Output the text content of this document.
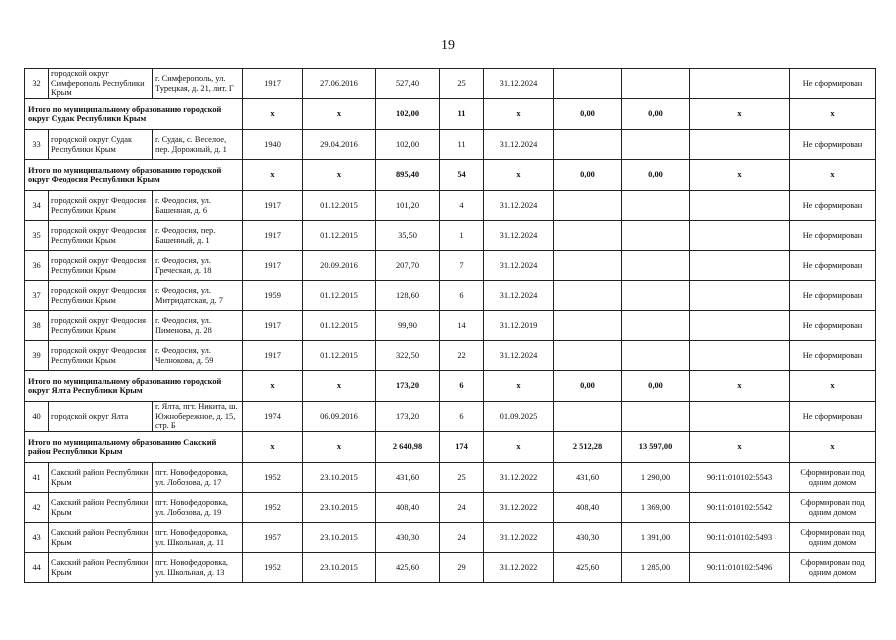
19
32	городской округ Симферополь Республики Крым	г. Симферополь, ул. Турецкая, д. 21, лит. Г	1917	27.06.2016	527,40	25	31.12.2024				Не сформирован
Итого по муниципальному образованию городской округ Судак Республики Крым			х	х	102,00	11	х	0,00	0,00	х	х
33	городской округ Судак Республики Крым	г. Судак, с. Веселое, пер. Дорожный, д. 1	1940	29.04.2016	102,00	11	31.12.2024				Не сформирован
Итого по муниципальному образованию городской округ Феодосия Республики Крым			х	х	895,40	54	х	0,00	0,00	х	х
34	городской округ Феодосия Республики Крым	г. Феодосия, ул. Башенная, д. 6	1917	01.12.2015	101,20	4	31.12.2024				Не сформирован
35	городской округ Феодосия Республики Крым	г. Феодосия, пер. Башенный, д. 1	1917	01.12.2015	35,50	1	31.12.2024				Не сформирован
36	городской округ Феодосия Республики Крым	г. Феодосия, ул. Греческая, д. 18	1917	20.09.2016	207,70	7	31.12.2024				Не сформирован
37	городской округ Феодосия Республики Крым	г. Феодосия, ул. Митридатская, д. 7	1959	01.12.2015	128,60	6	31.12.2024				Не сформирован
38	городской округ Феодосия Республики Крым	г. Феодосия, ул. Пименова, д. 28	1917	01.12.2015	99,90	14	31.12.2019				Не сформирован
39	городской округ Феодосия Республики Крым	г. Феодосия, ул. Челнокова, д. 59	1917	01.12.2015	322,50	22	31.12.2024				Не сформирован
Итого по муниципальному образованию городской округ Ялта Республики Крым			х	х	173,20	6	х	0,00	0,00	х	х
40	городской округ Ялта	г. Ялта, пгт. Никита, ш. Южнобережное, д. 15, стр. Б	1974	06.09.2016	173,20	6	01.09.2025				Не сформирован
Итого по муниципальному образованию Сакский район Республики Крым			х	х	2 640,98	174	х	2 512,28	13 597,00	х	х
41	Сакский район Республики Крым	пгт. Новофедоровка, ул. Лобозова, д. 17	1952	23.10.2015	431,60	25	31.12.2022	431,60	1 290,00	90:11:010102:5543	Сформирован под одним домом
42	Сакский район Республики Крым	пгт. Новофедоровка, ул. Лобозова, д. 19	1952	23.10.2015	408,40	24	31.12.2022	408,40	1 369,00	90:11:010102:5542	Сформирован под одним домом
43	Сакский район Республики Крым	пгт. Новофедоровка, ул. Школьная, д. 11	1957	23.10.2015	430,30	24	31.12.2022	430,30	1 391,00	90:11:010102:5493	Сформирован под одним домом
44	Сакский район Республики Крым	пгт. Новофедоровка, ул. Школьная, д. 13	1952	23.10.2015	425,60	29	31.12.2022	425,60	1 285,00	90:11:010102:5496	Сформирован под одним домом
